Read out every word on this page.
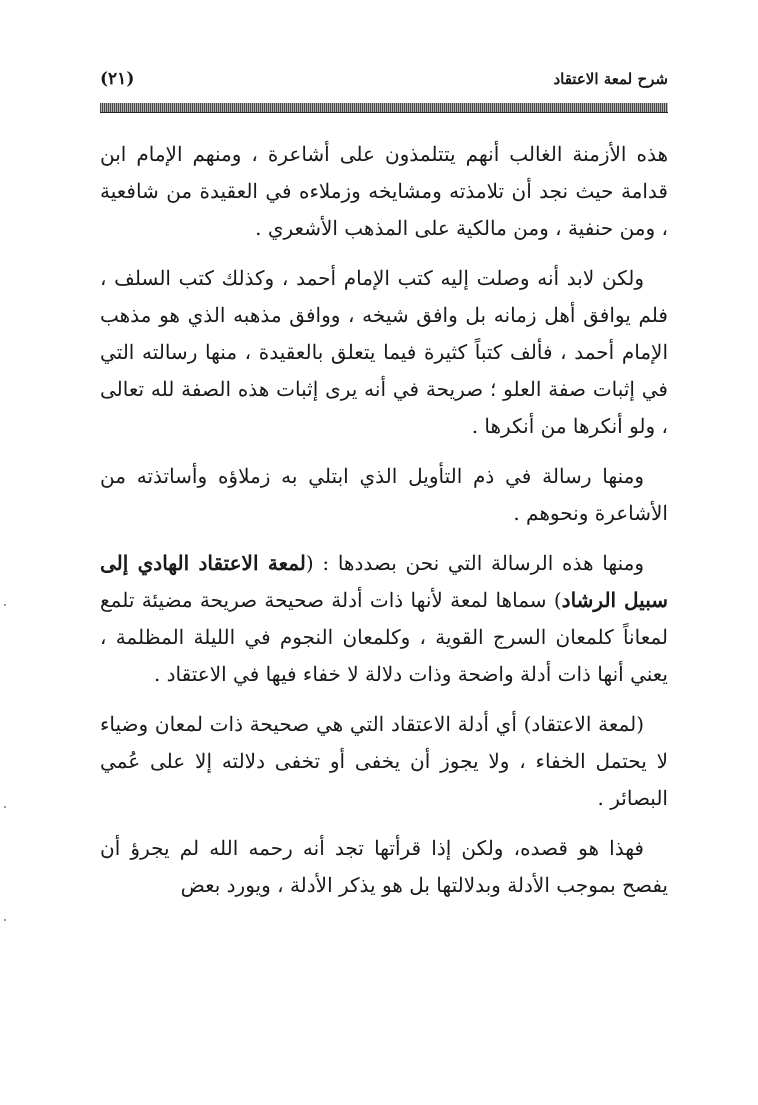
شرح لمعة الاعتقاد
(٢١)

هذه الأزمنة الغالب أنهم يتتلمذون على أشاعرة ، ومنهم الإمام ابن قدامة حيث نجد أن تلامذته ومشايخه وزملاءه في العقيدة من شافعية ، ومن حنفية ، ومن مالكية على المذهب الأشعري .

ولكن لابد أنه وصلت إليه كتب الإمام أحمد ، وكذلك كتب السلف ، فلم يوافق أهل زمانه بل وافق شيخه ، ووافق مذهبه الذي هو مذهب الإمام أحمد ، فألف كتباً كثيرة فيما يتعلق بالعقيدة ، منها رسالته التي في إثبات صفة العلو ؛ صريحة في أنه يرى إثبات هذه الصفة لله تعالى ، ولو أنكرها من أنكرها .

ومنها رسالة في ذم التأويل الذي ابتلي به زملاؤه وأساتذته من الأشاعرة ونحوهم .

ومنها هذه الرسالة التي نحن بصددها : (لمعة الاعتقاد الهادي إلى سبيل الرشاد) سماها لمعة لأنها ذات أدلة صحيحة صريحة مضيئة تلمع لمعاناً كلمعان السرج القوية ، وكلمعان النجوم في الليلة المظلمة ، يعني أنها ذات أدلة واضحة وذات دلالة لا خفاء فيها في الاعتقاد .

(لمعة الاعتقاد) أي أدلة الاعتقاد التي هي صحيحة ذات لمعان وضياء لا يحتمل الخفاء ، ولا يجوز أن يخفى أو تخفى دلالته إلا على عُمي البصائر .

فهذا هو قصده، ولكن إذا قرأتها تجد أنه رحمه الله لم يجرؤ أن يفصح بموجب الأدلة وبدلالتها بل هو يذكر الأدلة ، ويورد بعض
